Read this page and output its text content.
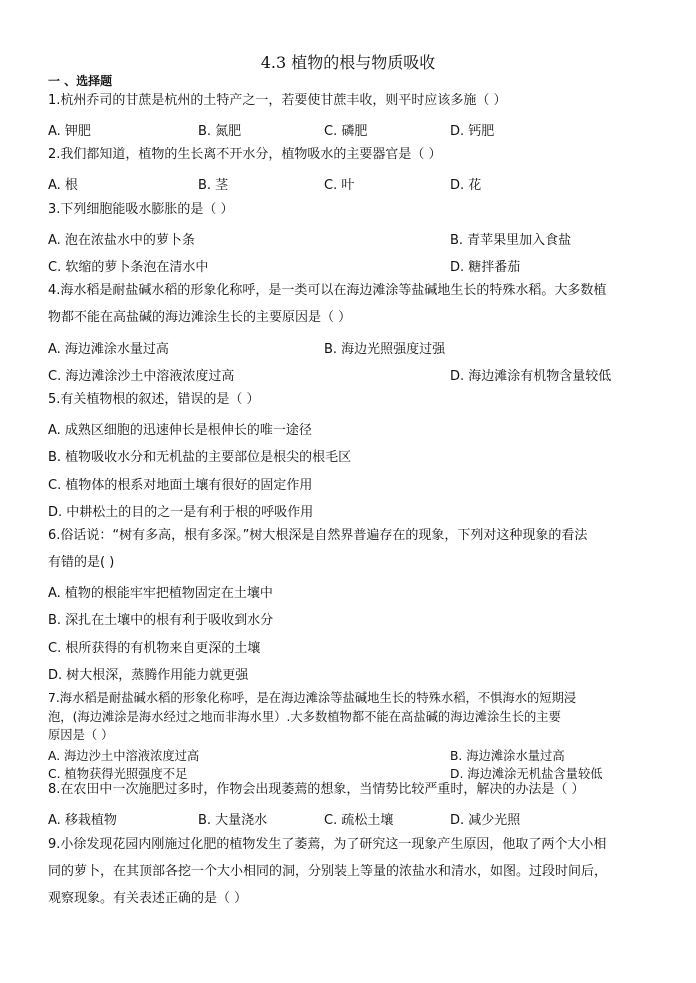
4.3 植物的根与物质吸收
一 、选择题
1.杭州乔司的甘蔗是杭州的土特产之一，若要使甘蔗丰收，则平时应该多施（ ）
A. 钾肥	B. 氮肥	C. 磷肥	D. 钙肥
2.我们都知道，植物的生长离不开水分，植物吸水的主要器官是（ ）
A. 根	B. 茎	C. 叶	D. 花
3.下列细胞能吸水膨胀的是（ ）
A. 泡在浓盐水中的萝卜条	B. 青苹果里加入食盐
C. 软缩的萝卜条泡在清水中	D. 糖拌番茄
4.海水稻是耐盐碱水稻的形象化称呼，是一类可以在海边滩涂等盐碱地生长的特殊水稻。大多数植
物都不能在高盐碱的海边滩涂生长的主要原因是（ ）
A. 海边滩涂水量过高	B. 海边光照强度过强
C. 海边滩涂沙土中溶液浓度过高	D. 海边滩涂有机物含量较低
5.有关植物根的叙述，错误的是（ ）
A. 成熟区细胞的迅速伸长是根伸长的唯一途径
B. 植物吸收水分和无机盐的主要部位是根尖的根毛区
C. 植物体的根系对地面土壤有很好的固定作用
D. 中耕松土的目的之一是有利于根的呼吸作用
6.俗话说：“树有多高，根有多深。”树大根深是自然界普遍存在的现象，下列对这种现象的看法
有错的是( )
A. 植物的根能牢牢把植物固定在土壤中
B. 深扎在土壤中的根有利于吸收到水分
C. 根所获得的有机物来自更深的土壤
D. 树大根深，蒸腾作用能力就更强
7.海水稻是耐盐碱水稻的形象化称呼，是在海边滩涂等盐碱地生长的特殊水稻，不惧海水的短期浸
泡，(海边滩涂是海水经过之地而非海水里）.大多数植物都不能在高盐碱的海边滩涂生长的主要
原因是（ ）
A. 海边沙土中溶液浓度过高	B. 海边滩涂水量过高
C. 植物获得光照强度不足	D. 海边滩涂无机盐含量较低
8.在农田中一次施肥过多时，作物会出现萎蔫的想象，当情势比较严重时，解决的办法是（ ）
A. 移栽植物	B. 大量浇水	C. 疏松土壤	D. 减少光照
9.小徐发现花园内刚施过化肥的植物发生了萎蔫，为了研究这一现象产生原因，他取了两个大小相
同的萝卜，在其顶部各挖一个大小相同的洞，分别装上等量的浓盐水和清水，如图。过段时间后，
观察现象。有关表述正确的是（ ）
